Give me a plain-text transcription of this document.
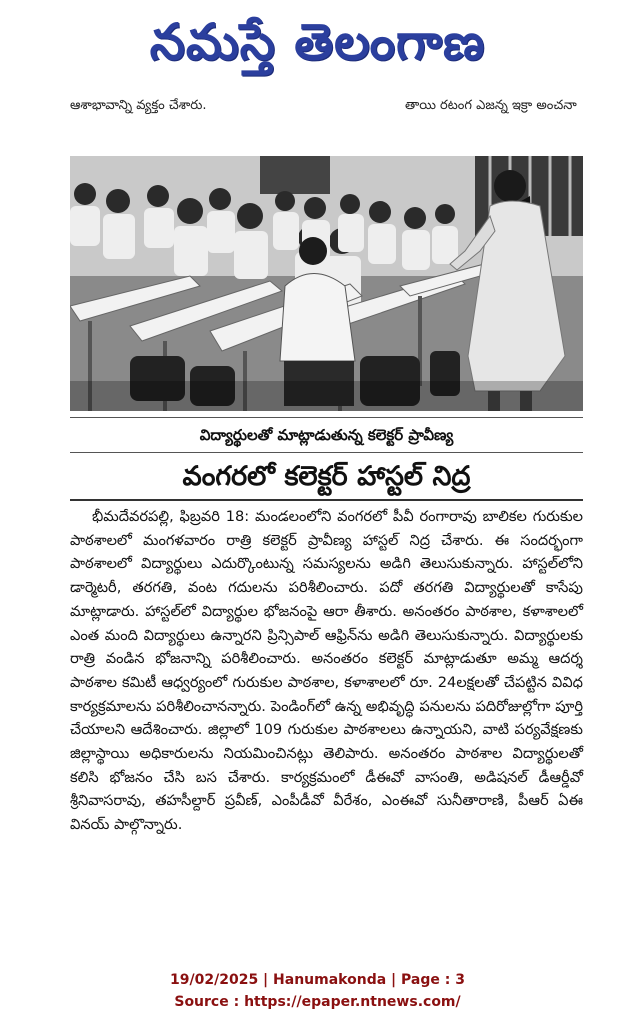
నమస్తే తెలంగాణ
ఆశాభావాన్ని వ్యక్తం చేశారు.	తాయి రటంగ ఎజన్న ఇక్రా అంచనా
విద్యార్థులతో మాట్లాడుతున్న కలెక్టర్ ప్రావీణ్య
వంగరలో కలెక్టర్ హాస్టల్ నిద్ర
భీమదేవరపల్లి, ఫిబ్రవరి 18: మండలంలోని వంగరలో పీవీ రంగారావు బాలికల గురుకుల పాఠశాలలో మంగళవారం రాత్రి కలెక్టర్ ప్రావీణ్య హాస్టల్ నిద్ర చేశారు. ఈ సందర్భంగా పాఠశాలలో విద్యార్థులు ఎదుర్కొంటున్న సమస్యలను అడిగి తెలుసుకున్నారు. హాస్టల్‌లోని డార్మెటరీ, తరగతి, వంట గదులను పరిశీలించారు. పదో తరగతి విద్యార్థులతో కాసేపు మాట్లాడారు. హాస్టల్‌లో విద్యార్థుల భోజనంపై ఆరా తీశారు. అనంతరం పాఠశాల, కళాశాలలో ఎంత మంది విద్యార్థులు ఉన్నారని ప్రిన్సిపాల్ ఆఫ్రిన్‌ను అడిగి తెలుసుకున్నారు. విద్యార్థులకు రాత్రి వండిన భోజనాన్ని పరిశీలించారు. అనంతరం కలెక్టర్ మాట్లాడుతూ అమ్మ ఆదర్శ పాఠశాల కమిటీ ఆధ్వర్యంలో గురుకుల పాఠశాల, కళాశాలలో రూ. 24లక్షలతో చేపట్టిన వివిధ కార్యక్రమాలను పరిశీలించానన్నారు. పెండింగ్‌లో ఉన్న అభివృద్ధి పనులను పదిరోజుల్లోగా పూర్తి చేయాలని ఆదేశించారు. జిల్లాలో 109 గురుకుల పాఠశాలలు ఉన్నాయని, వాటి పర్యవేక్షణకు జిల్లాస్థాయి అధికారులను నియమించినట్లు తెలిపారు. అనంతరం పాఠశాల విద్యార్థులతో కలిసి భోజనం చేసి బస చేశారు. కార్యక్రమంలో డీఈవో వాసంతి, అడిషనల్ డీఆర్డీవో శ్రీనివాసరావు, తహసీల్దార్ ప్రవీణ్, ఎంపీడీవో వీరేశం, ఎంఈవో సునీతారాణి, పీఆర్ ఏఈ వినయ్ పాల్గొన్నారు.
19/02/2025 | Hanumakonda | Page : 3
Source : https://epaper.ntnews.com/
